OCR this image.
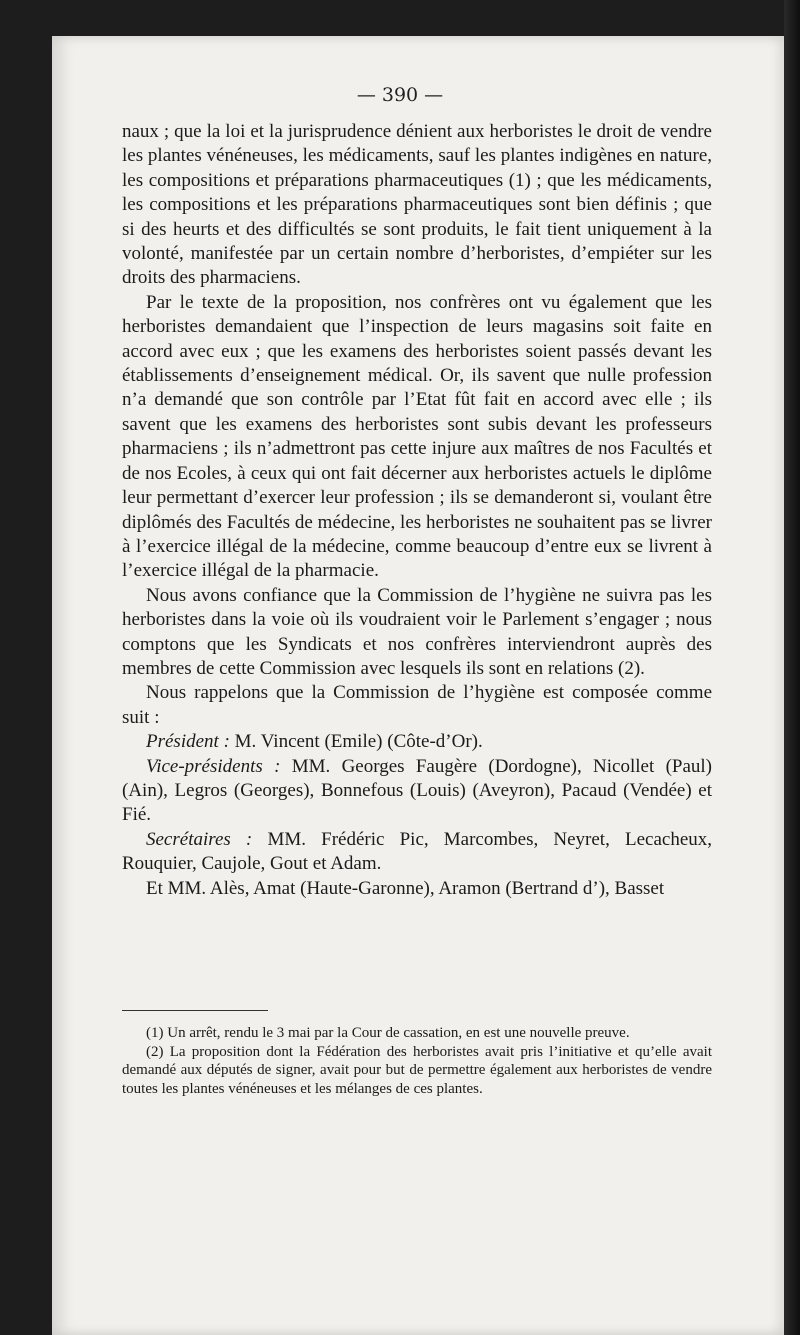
— 390 —

naux ; que la loi et la jurisprudence dénient aux herboristes le droit de vendre les plantes vénéneuses, les médicaments, sauf les plantes indigènes en nature, les compositions et préparations pharmaceutiques (1) ; que les médicaments, les compositions et les préparations pharmaceutiques sont bien définis ; que si des heurts et des difficultés se sont produits, le fait tient uniquement à la volonté, manifestée par un certain nombre d’herboristes, d’empiéter sur les droits des pharmaciens.

Par le texte de la proposition, nos confrères ont vu également que les herboristes demandaient que l’inspection de leurs magasins soit faite en accord avec eux ; que les examens des herboristes soient passés devant les établissements d’enseignement médical. Or, ils savent que nulle profession n’a demandé que son contrôle par l’Etat fût fait en accord avec elle ; ils savent que les examens des herboristes sont subis devant les professeurs pharmaciens ; ils n’admettront pas cette injure aux maîtres de nos Facultés et de nos Ecoles, à ceux qui ont fait décerner aux herboristes actuels le diplôme leur permettant d’exercer leur profession ; ils se demanderont si, voulant être diplômés des Facultés de médecine, les herboristes ne souhaitent pas se livrer à l’exercice illégal de la médecine, comme beaucoup d’entre eux se livrent à l’exercice illégal de la pharmacie.

Nous avons confiance que la Commission de l’hygiène ne suivra pas les herboristes dans la voie où ils voudraient voir le Parlement s’engager ; nous comptons que les Syndicats et nos confrères interviendront auprès des membres de cette Commission avec lesquels ils sont en relations (2).

Nous rappelons que la Commission de l’hygiène est composée comme suit :

Président : M. Vincent (Emile) (Côte-d’Or).

Vice-présidents : MM. Georges Faugère (Dordogne), Nicollet (Paul) (Ain), Legros (Georges), Bonnefous (Louis) (Aveyron), Pacaud (Vendée) et Fié.

Secrétaires : MM. Frédéric Pic, Marcombes, Neyret, Lecacheux, Rouquier, Caujole, Gout et Adam.

Et MM. Alès, Amat (Haute-Garonne), Aramon (Bertrand d’), Basset

(1) Un arrêt, rendu le 3 mai par la Cour de cassation, en est une nouvelle preuve.

(2) La proposition dont la Fédération des herboristes avait pris l’initiative et qu’elle avait demandé aux députés de signer, avait pour but de permettre également aux herboristes de vendre toutes les plantes vénéneuses et les mélanges de ces plantes.
